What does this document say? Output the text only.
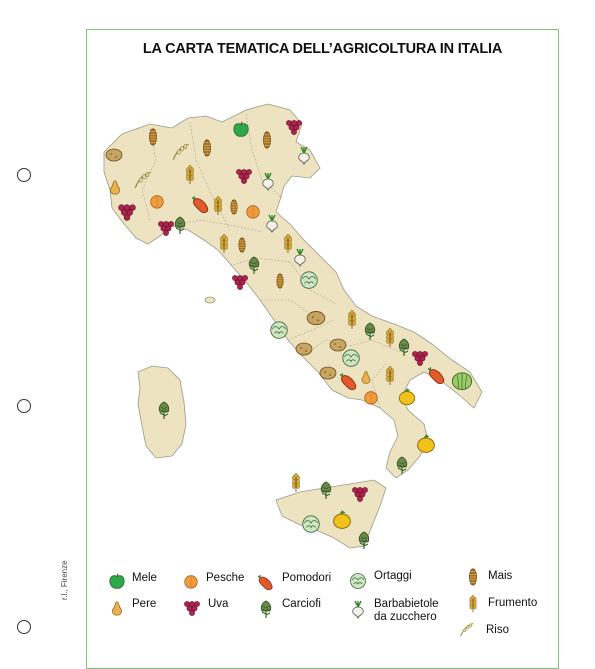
LA CARTA TEMATICA DELL’AGRICOLTURA IN ITALIA
r.l., Firenze	Mele
Pere
Pesche
Uva
Pomodori
Carciofi
Ortaggi
Barbabietole da zucchero
Mais
Frumento
Riso
